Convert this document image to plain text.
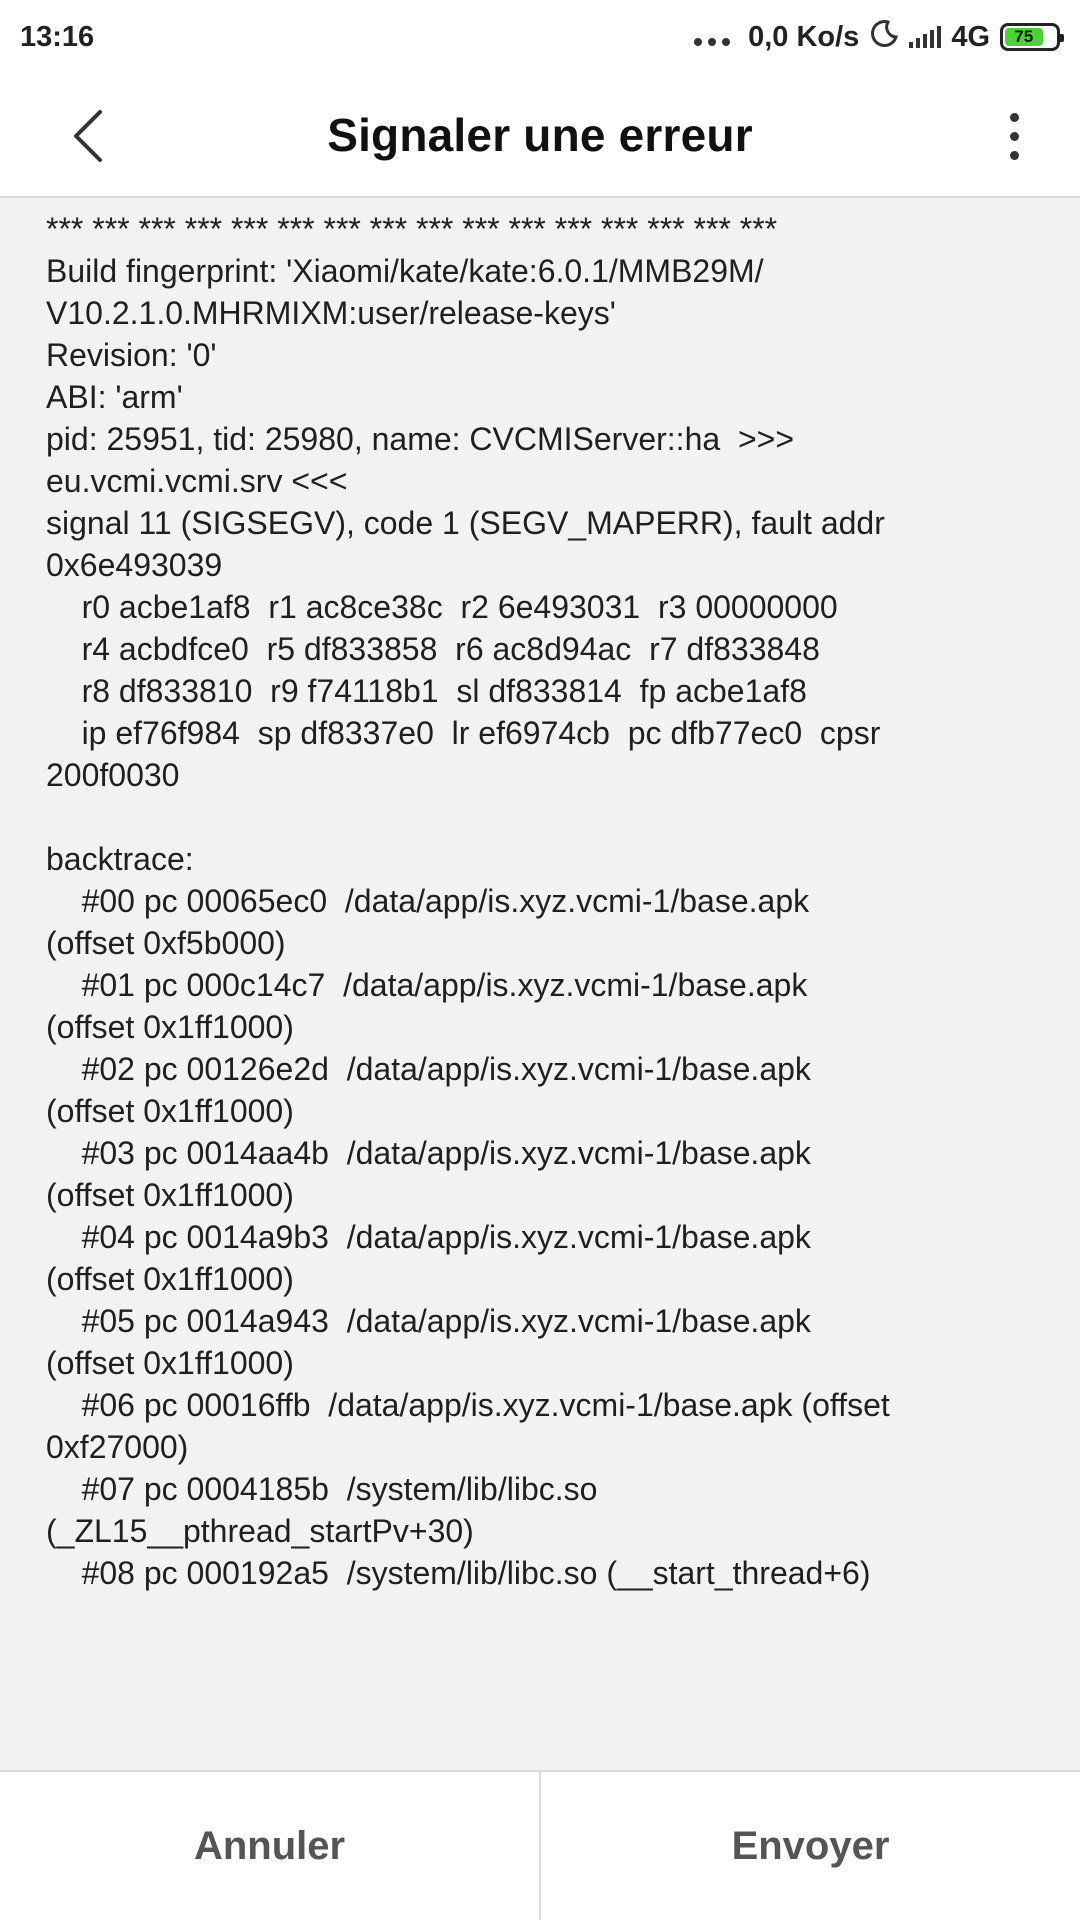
13:16	0,0 Ko/s	4G	75
Signaler une erreur
*** *** *** *** *** *** *** *** *** *** *** *** *** *** *** ***
Build fingerprint: 'Xiaomi/kate/kate:6.0.1/MMB29M/
V10.2.1.0.MHRMIXM:user/release-keys'
Revision: '0'
ABI: 'arm'
pid: 25951, tid: 25980, name: CVCMIServer::ha  >>>
eu.vcmi.vcmi.srv <<<
signal 11 (SIGSEGV), code 1 (SEGV_MAPERR), fault addr
0x6e493039
r0 acbe1af8  r1 ac8ce38c  r2 6e493031  r3 00000000
r4 acbdfce0  r5 df833858  r6 ac8d94ac  r7 df833848
r8 df833810  r9 f74118b1  sl df833814  fp acbe1af8
ip ef76f984  sp df8337e0  lr ef6974cb  pc dfb77ec0  cpsr
200f0030
backtrace:
#00 pc 00065ec0  /data/app/is.xyz.vcmi-1/base.apk
(offset 0xf5b000)
#01 pc 000c14c7  /data/app/is.xyz.vcmi-1/base.apk
(offset 0x1ff1000)
#02 pc 00126e2d  /data/app/is.xyz.vcmi-1/base.apk
(offset 0x1ff1000)
#03 pc 0014aa4b  /data/app/is.xyz.vcmi-1/base.apk
(offset 0x1ff1000)
#04 pc 0014a9b3  /data/app/is.xyz.vcmi-1/base.apk
(offset 0x1ff1000)
#05 pc 0014a943  /data/app/is.xyz.vcmi-1/base.apk
(offset 0x1ff1000)
#06 pc 00016ffb  /data/app/is.xyz.vcmi-1/base.apk (offset
0xf27000)
#07 pc 0004185b  /system/lib/libc.so
(_ZL15__pthread_startPv+30)
#08 pc 000192a5  /system/lib/libc.so (__start_thread+6)
Annuler	Envoyer
